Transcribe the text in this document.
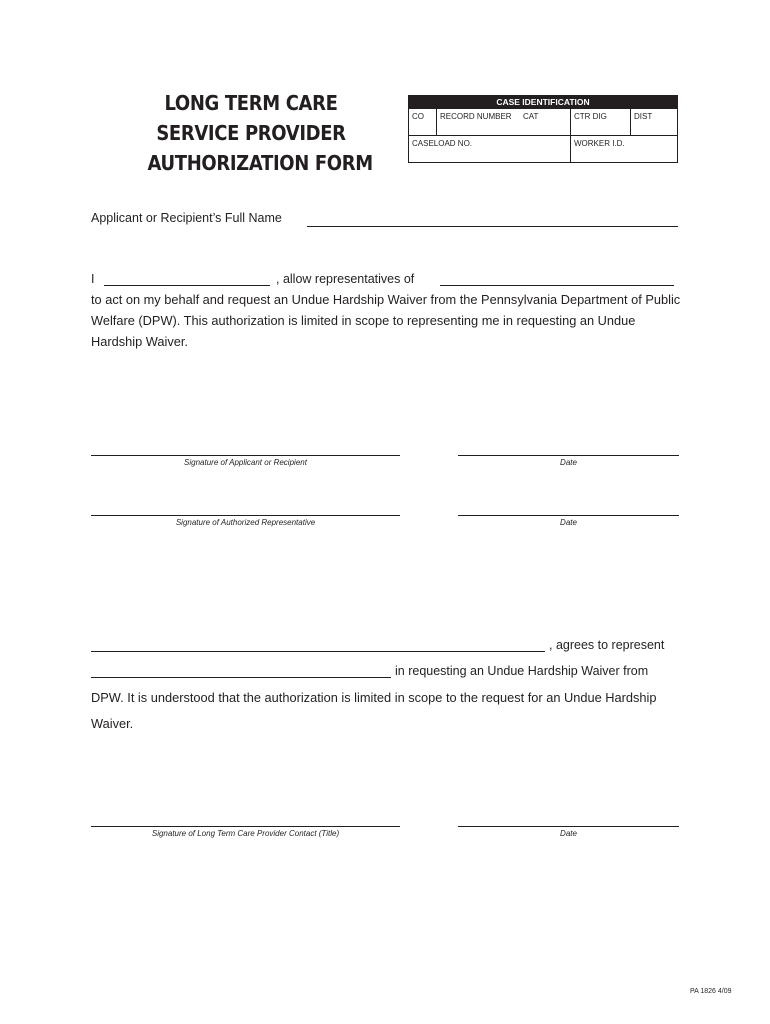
LONG TERM CARE
SERVICE PROVIDER
AUTHORIZATION FORM
CASE IDENTIFICATION
CO	RECORD NUMBER	CAT	CTR DIG	DIST
CASELOAD NO.	WORKER I.D.
Applicant or Recipient’s Full Name
I	, allow representatives of
to act on my behalf and request an Undue Hardship Waiver from the Pennsylvania Department of Public Welfare (DPW). This authorization is limited in scope to representing me in requesting an Undue Hardship Waiver.
Signature of Applicant or Recipient	Date
Signature of Authorized Representative	Date
, agrees to represent
in requesting an Undue Hardship Waiver from
DPW. It is understood that the authorization is limited in scope to the request for an Undue Hardship Waiver.
Signature of Long Term Care Provider Contact (Title)	Date
PA 1826 4/09
